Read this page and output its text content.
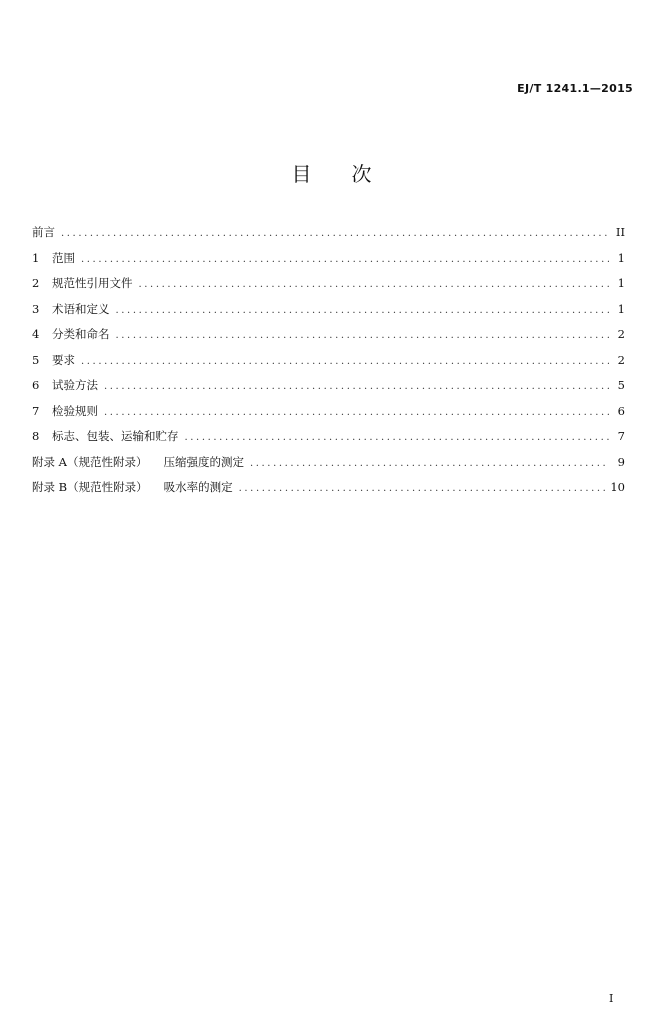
EJ/T 1241.1—2015
目 次
前言 .....	II
1 范围 .....	1
2 规范性引用文件 .....	1
3 术语和定义 .....	1
4 分类和命名 .....	2
5 要求 .....	2
6 试验方法 .....	5
7 检验规则 .....	6
8 标志、包装、运输和贮存 .....	7
附录 A（规范性附录） 压缩强度的测定 .....	9
附录 B（规范性附录） 吸水率的测定 .....	10
I
